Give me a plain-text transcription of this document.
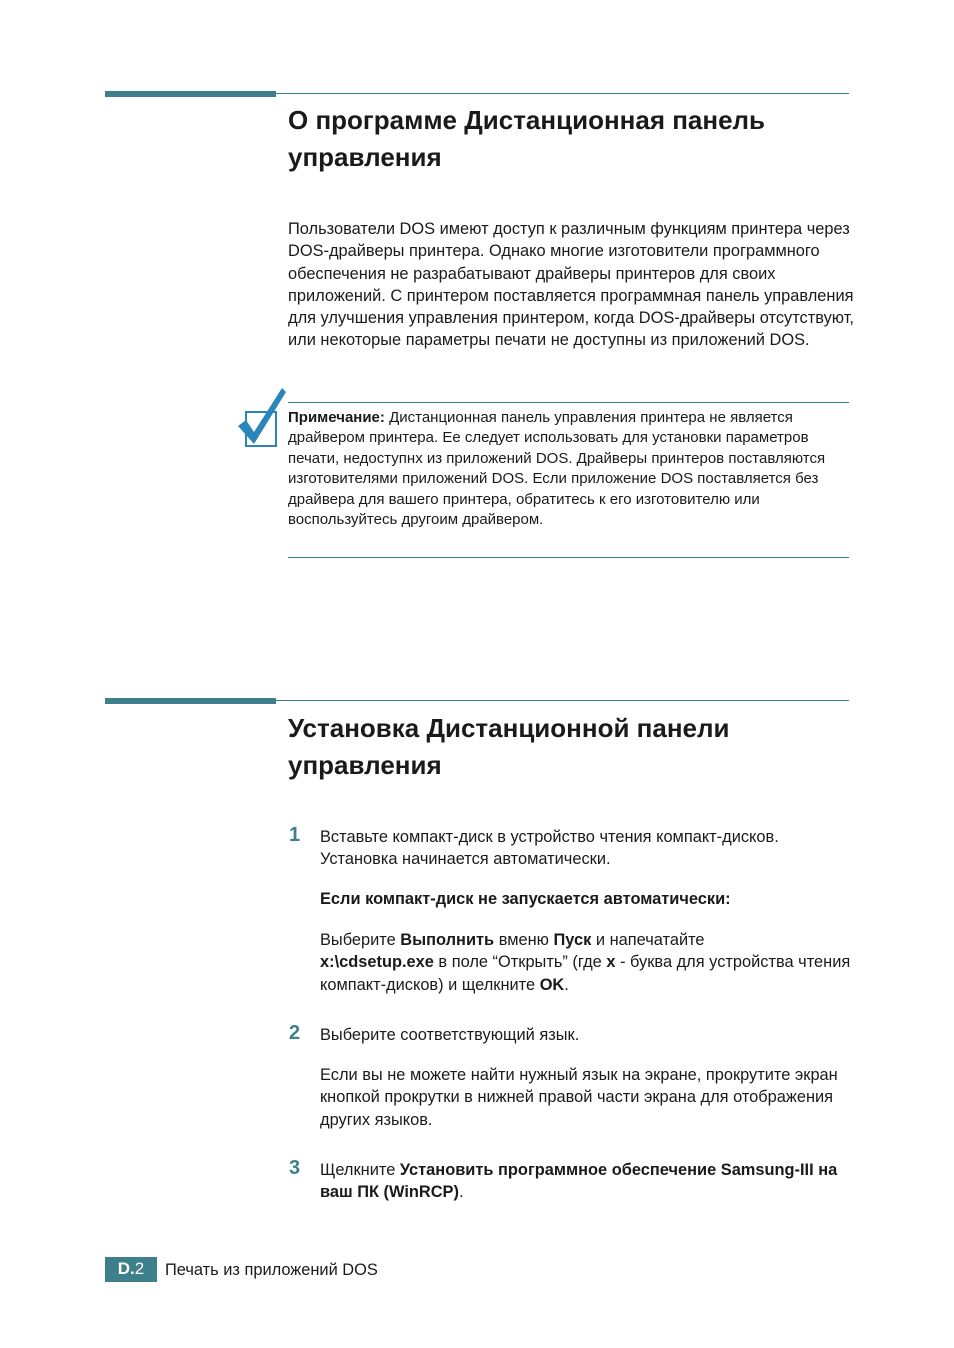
О программе Дистанционная панель управления
Пользователи DOS имеют доступ к различным функциям принтера через DOS-драйверы принтера. Однако многие изготовители программного обеспечения не разрабатывают драйверы принтеров для своих приложений. С принтером поставляется программная панель управления для улучшения управления принтером, когда DOS-драйверы отсутствуют, или некоторые параметры печати не доступны из приложений DOS.
Примечание: Дистанционная панель управления принтера не является драйвером принтера. Ее следует использовать для установки параметров печати, недоступнх из приложений DOS. Драйверы принтеров поставляются изготовителями приложений DOS. Если приложение DOS поставляется без драйвера для вашего принтера, обратитесь к его изготовителю или воспользуйтесь другоим драйвером.
Установка Дистанционной панели управления
1 Вставьте компакт-диск в устройство чтения компакт-дисков.
Установка начинается автоматически.
Если компакт-диск не запускается автоматически:
Выберите Выполнить вменю Пуск и напечатайте
x:\cdsetup.exe в поле “Открыть” (где x - буква для устройства чтения компакт-дисков) и щелкните OK.
2 Выберите соответствующий язык.
Если вы не можете найти нужный язык на экране, прокрутите экран кнопкой прокрутки в нижней правой части экрана для отображения других языков.
3 Щелкните Установить программное обеспечение Samsung-III на ваш ПК (WinRCP).
D.2	Печать из приложений DOS
